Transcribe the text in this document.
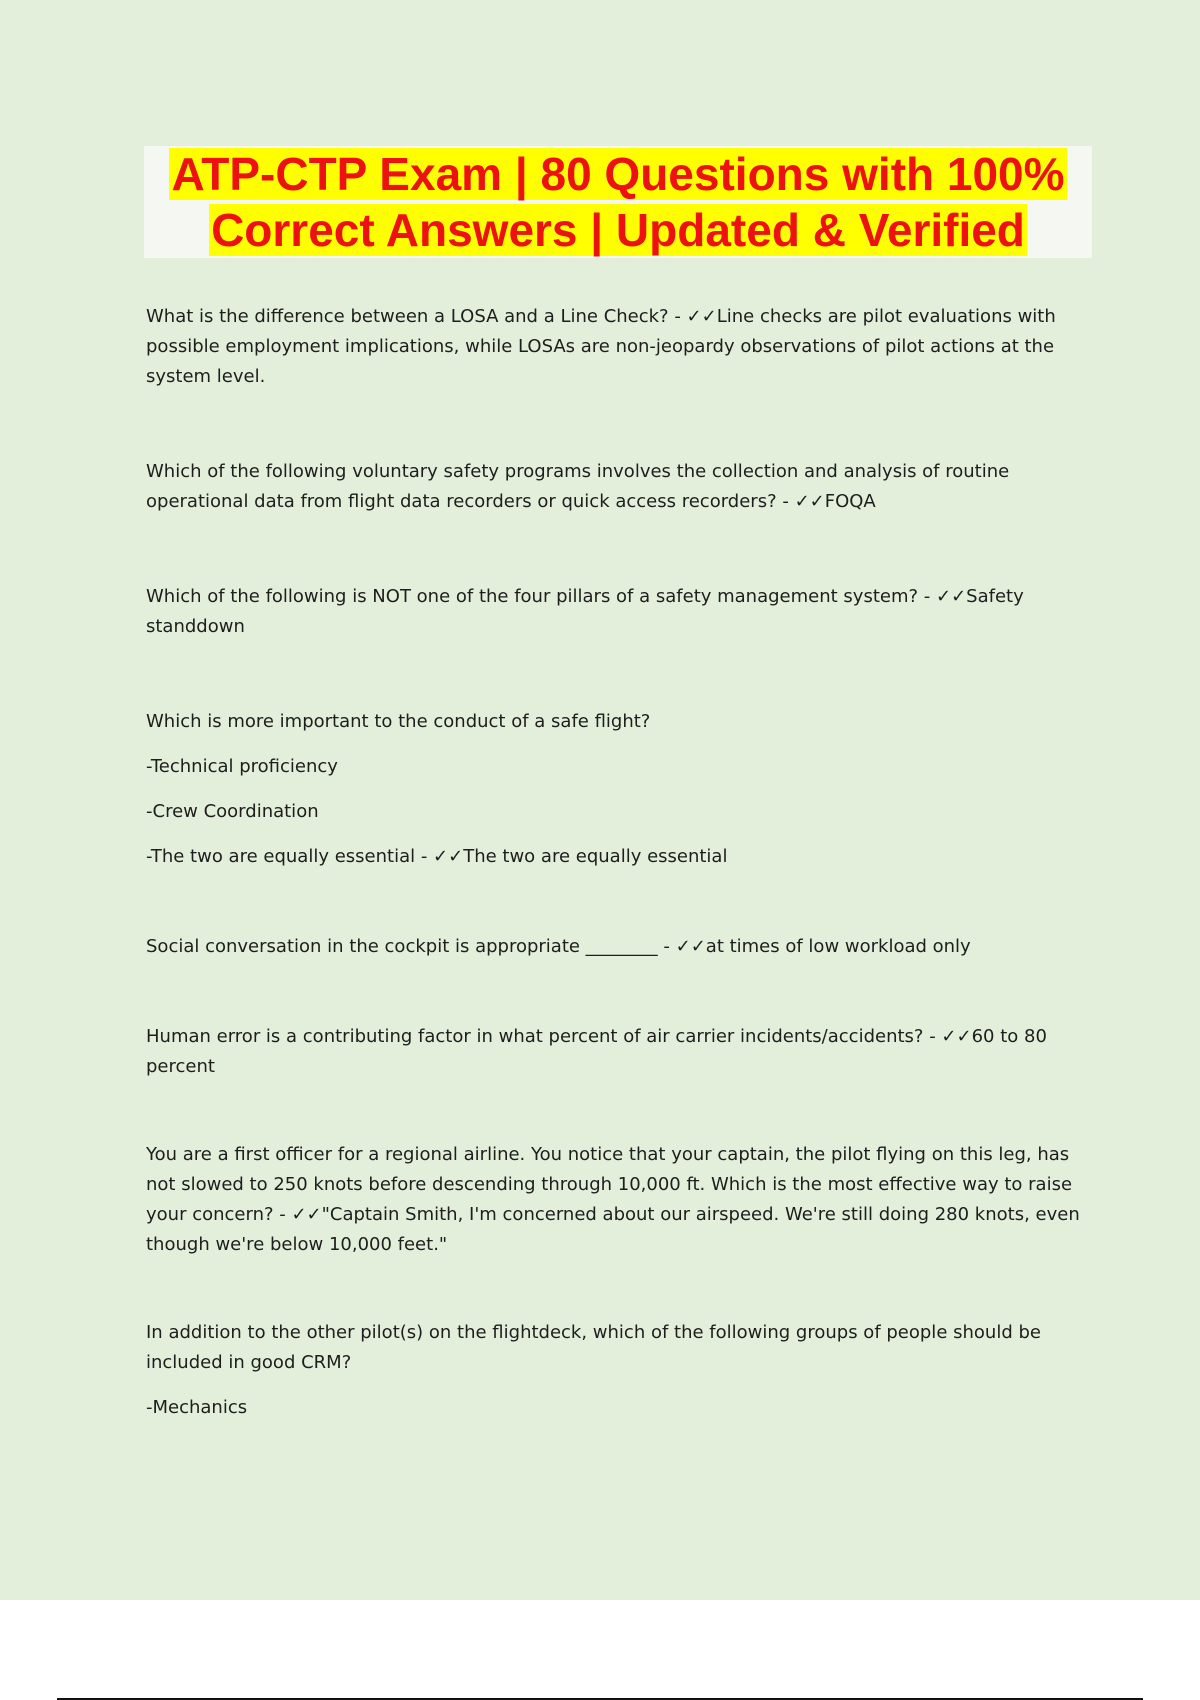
ATP-CTP Exam | 80 Questions with 100%
Correct Answers | Updated & Verified

What is the difference between a LOSA and a Line Check? - ✓✓Line checks are pilot evaluations with possible employment implications, while LOSAs are non-jeopardy observations of pilot actions at the system level.

Which of the following voluntary safety programs involves the collection and analysis of routine operational data from flight data recorders or quick access recorders? - ✓✓FOQA

Which of the following is NOT one of the four pillars of a safety management system? - ✓✓Safety standdown

Which is more important to the conduct of a safe flight?

-Technical proficiency

-Crew Coordination

-The two are equally essential - ✓✓The two are equally essential

Social conversation in the cockpit is appropriate ________ - ✓✓at times of low workload only

Human error is a contributing factor in what percent of air carrier incidents/accidents? - ✓✓60 to 80 percent

You are a first officer for a regional airline. You notice that your captain, the pilot flying on this leg, has not slowed to 250 knots before descending through 10,000 ft. Which is the most effective way to raise your concern? - ✓✓"Captain Smith, I'm concerned about our airspeed. We're still doing 280 knots, even though we're below 10,000 feet."

In addition to the other pilot(s) on the flightdeck, which of the following groups of people should be included in good CRM?

-Mechanics
